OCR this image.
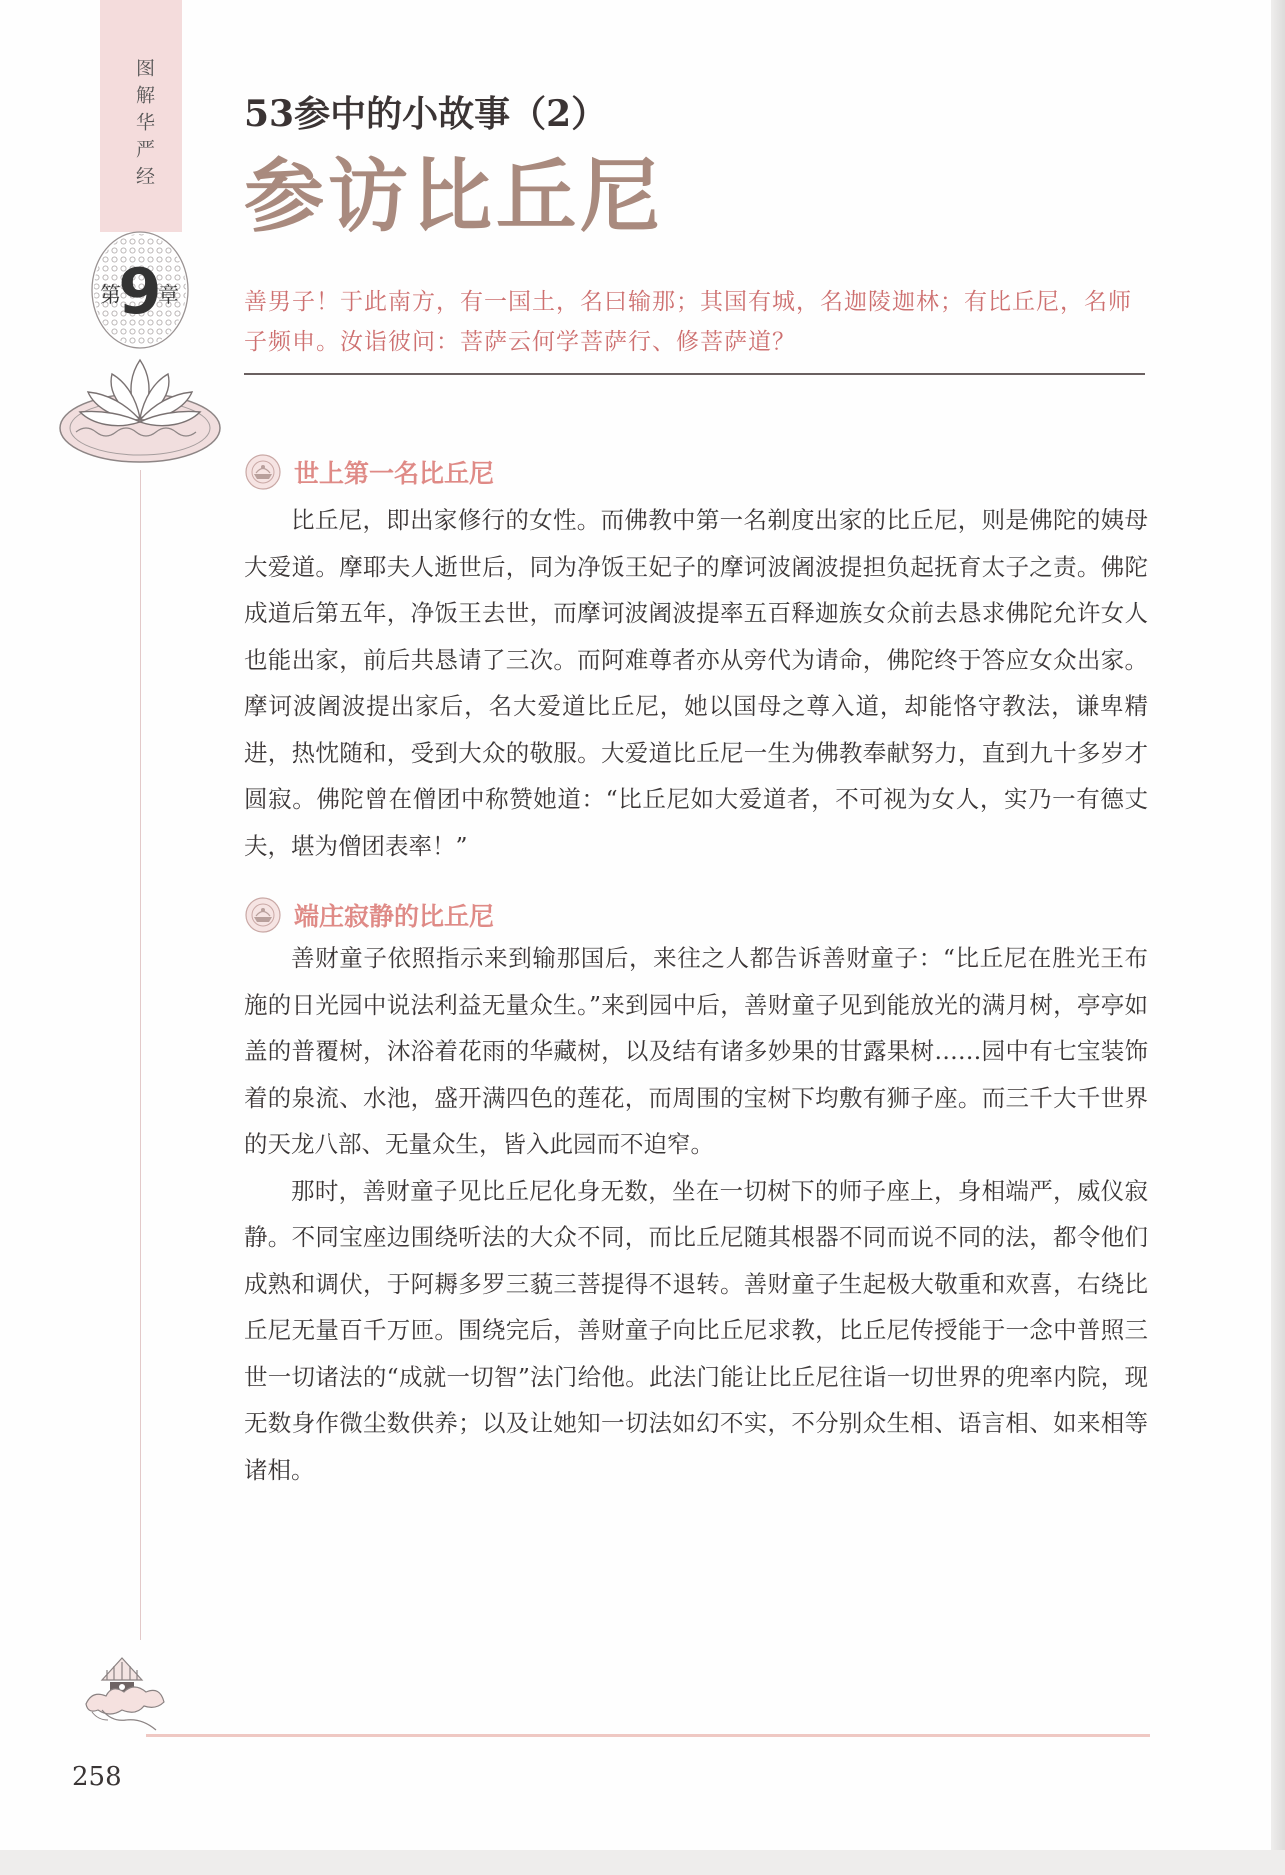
图解华严经
第
9
章
53参中的小故事（2）
参访比丘尼

善男子！于此南方，有一国土，名曰输那；其国有城，名迦陵迦林；有比丘尼，名师子频申。汝诣彼问：菩萨云何学菩萨行、修菩萨道？

世上第一名比丘尼

比丘尼，即出家修行的女性。而佛教中第一名剃度出家的比丘尼，则是佛陀的姨母大爱道。摩耶夫人逝世后，同为净饭王妃子的摩诃波阇波提担负起抚育太子之责。佛陀成道后第五年，净饭王去世，而摩诃波阇波提率五百释迦族女众前去恳求佛陀允许女人也能出家，前后共恳请了三次。而阿难尊者亦从旁代为请命，佛陀终于答应女众出家。摩诃波阇波提出家后，名大爱道比丘尼，她以国母之尊入道，却能恪守教法，谦卑精进，热忱随和，受到大众的敬服。大爱道比丘尼一生为佛教奉献努力，直到九十多岁才圆寂。佛陀曾在僧团中称赞她道：“比丘尼如大爱道者，不可视为女人，实乃一有德丈夫，堪为僧团表率！”

端庄寂静的比丘尼

善财童子依照指示来到输那国后，来往之人都告诉善财童子：“比丘尼在胜光王布施的日光园中说法利益无量众生。”来到园中后，善财童子见到能放光的满月树，亭亭如盖的普覆树，沐浴着花雨的华藏树，以及结有诸多妙果的甘露果树……园中有七宝装饰着的泉流、水池，盛开满四色的莲花，而周围的宝树下均敷有狮子座。而三千大千世界的天龙八部、无量众生，皆入此园而不迫窄。

那时，善财童子见比丘尼化身无数，坐在一切树下的师子座上，身相端严，威仪寂静。不同宝座边围绕听法的大众不同，而比丘尼随其根器不同而说不同的法，都令他们成熟和调伏，于阿耨多罗三藐三菩提得不退转。善财童子生起极大敬重和欢喜，右绕比丘尼无量百千万匝。围绕完后，善财童子向比丘尼求教，比丘尼传授能于一念中普照三世一切诸法的“成就一切智”法门给他。此法门能让比丘尼往诣一切世界的兜率内院，现无数身作微尘数供养；以及让她知一切法如幻不实，不分别众生相、语言相、如来相等诸相。

258
